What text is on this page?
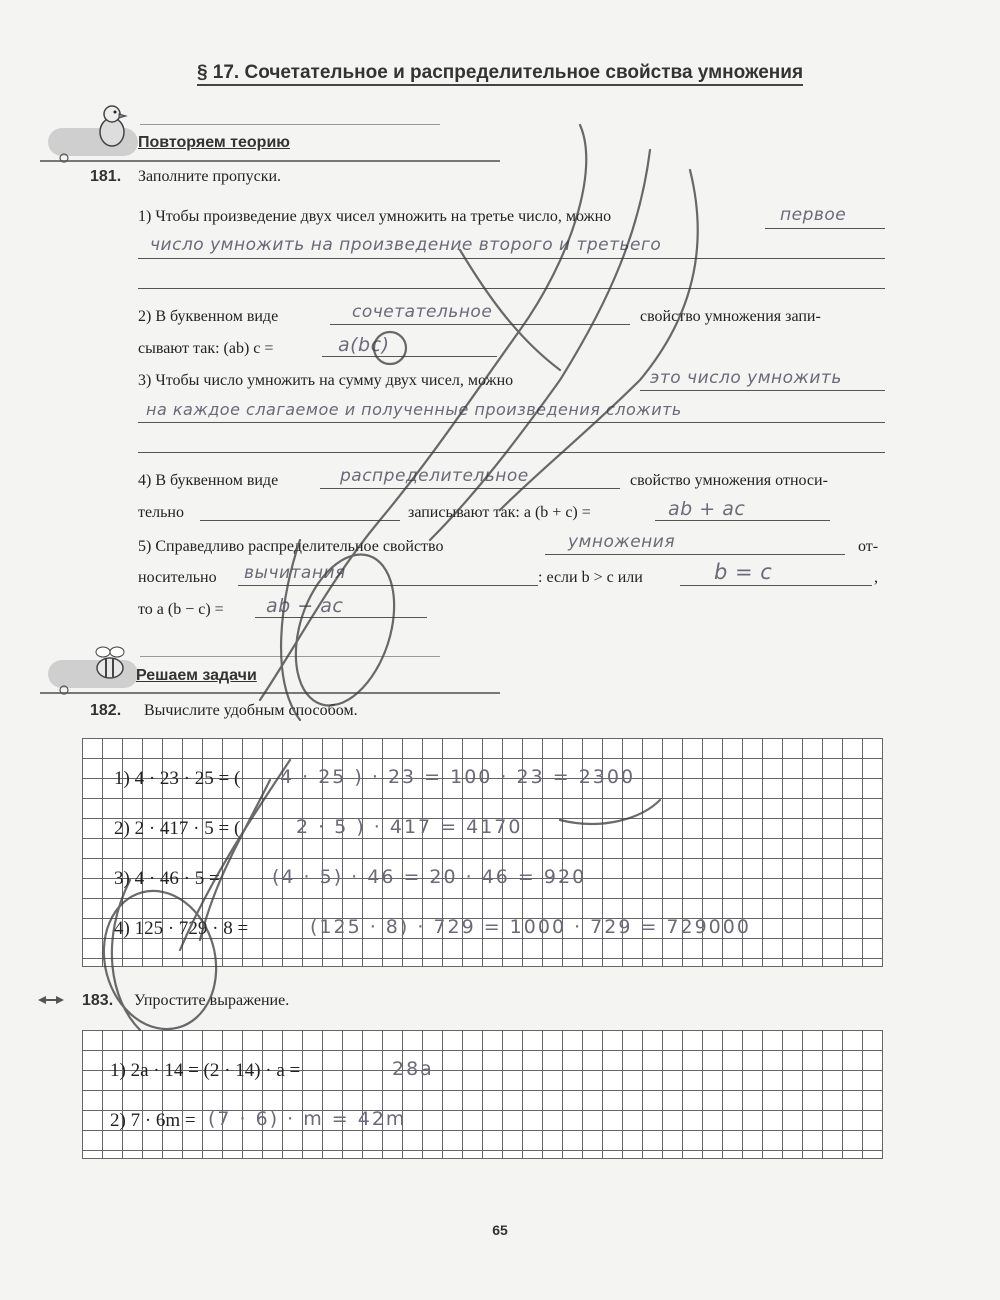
§ 17. Сочетательное и распределительное свойства умножения
Повторяем теорию
181. Заполните пропуски.
1) Чтобы произведение двух чисел умножить на третье число, можно	первое
число умножить на произведение второго и третьего
2) В буквенном виде	сочетательное	свойство умножения запи-
сывают так: (ab) c =	a(bc)
3) Чтобы число умножить на сумму двух чисел, можно	это число умножить
на каждое слагаемое и полученные произведения сложить
4) В буквенном виде	распределительное	свойство умножения относи-
тельно	записывают так: a (b + c) =	ab + ac
5) Справедливо распределительное свойство	умножения	от-
носительно вычитания	: если b > c или	b = c	,
то a (b − c) = ab − ac
Решаем задачи
182. Вычислите удобным способом.
1) 4 · 23 · 25 = ( 4 · 25 ) · 23 = 100 · 23 = 2300
2) 2 · 417 · 5 = (	2 · 5 ) · 417 = 4170
3) 4 · 46 · 5 =	(4 · 5) · 46 = 20 · 46 = 920
4) 125 · 729 · 8 =	(125 · 8) · 729 = 1000 · 729 = 729000
183. Упростите выражение.
1) 2a · 14 = (2 · 14) · a =	28a
2) 7 · 6m = (7 · 6) · m = 42m
65
